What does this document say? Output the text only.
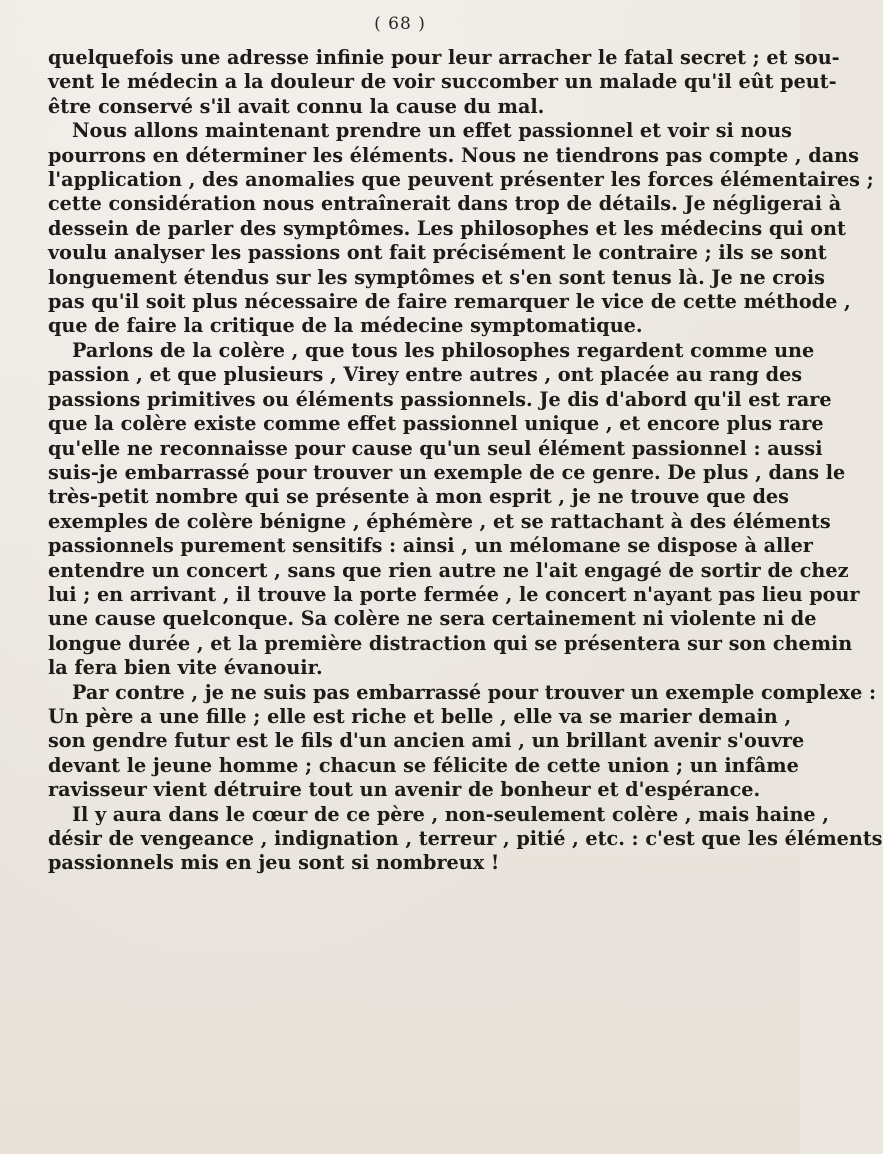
( 68 )
quelquefois une adresse infinie pour leur arracher le fatal secret ; et sou-
vent le médecin a la douleur de voir succomber un malade qu'il eût peut-
être conservé s'il avait connu la cause du mal.
Nous allons maintenant prendre un effet passionnel et voir si nous
pourrons en déterminer les éléments. Nous ne tiendrons pas compte , dans
l'application , des anomalies que peuvent présenter les forces élémentaires ;
cette considération nous entraînerait dans trop de détails. Je négligerai à
dessein de parler des symptômes. Les philosophes et les médecins qui ont
voulu analyser les passions ont fait précisément le contraire ; ils se sont
longuement étendus sur les symptômes et s'en sont tenus là. Je ne crois
pas qu'il soit plus nécessaire de faire remarquer le vice de cette méthode ,
que de faire la critique de la médecine symptomatique.
Parlons de la colère , que tous les philosophes regardent comme une
passion , et que plusieurs , Virey entre autres , ont placée au rang des
passions primitives ou éléments passionnels. Je dis d'abord qu'il est rare
que la colère existe comme effet passionnel unique , et encore plus rare
qu'elle ne reconnaisse pour cause qu'un seul élément passionnel : aussi
suis-je embarrassé pour trouver un exemple de ce genre. De plus , dans le
très-petit nombre qui se présente à mon esprit , je ne trouve que des
exemples de colère bénigne , éphémère , et se rattachant à des éléments
passionnels purement sensitifs : ainsi , un mélomane se dispose à aller
entendre un concert , sans que rien autre ne l'ait engagé de sortir de chez
lui ; en arrivant , il trouve la porte fermée , le concert n'ayant pas lieu pour
une cause quelconque. Sa colère ne sera certainement ni violente ni de
longue durée , et la première distraction qui se présentera sur son chemin
la fera bien vite évanouir.
Par contre , je ne suis pas embarrassé pour trouver un exemple complexe :
Un père a une fille ; elle est riche et belle , elle va se marier demain ,
son gendre futur est le fils d'un ancien ami , un brillant avenir s'ouvre
devant le jeune homme ; chacun se félicite de cette union ; un infâme
ravisseur vient détruire tout un avenir de bonheur et d'espérance.
Il y aura dans le cœur de ce père , non-seulement colère , mais haine ,
désir de vengeance , indignation , terreur , pitié , etc. : c'est que les éléments
passionnels mis en jeu sont si nombreux !
